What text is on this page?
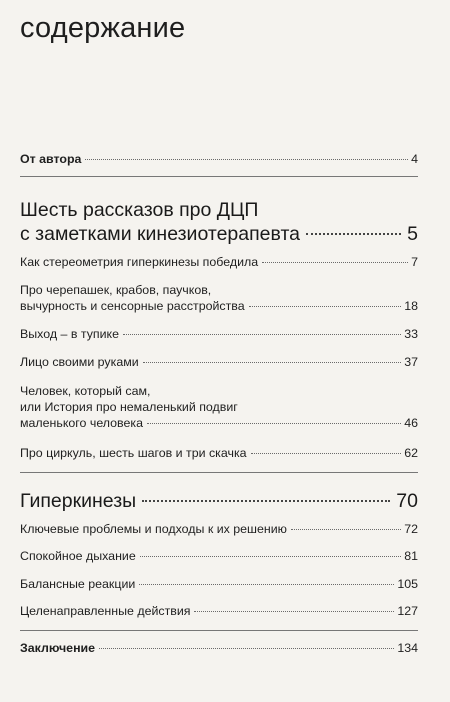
содержание
От автора	4
Шесть рассказов про ДЦП
с заметками кинезиотерапевта	5
Как стереометрия гиперкинезы победила	7
Про черепашек, крабов, паучков,
вычурность и сенсорные расстройства	18
Выход – в тупике	33
Лицо своими руками	37
Человек, который сам,
или История про немаленький подвиг
маленького человека	46
Про циркуль, шесть шагов и три скачка	62
Гиперкинезы	70
Ключевые проблемы и подходы к их решению	72
Спокойное дыхание	81
Балансные реакции	105
Целенаправленные действия	127
Заключение	134
